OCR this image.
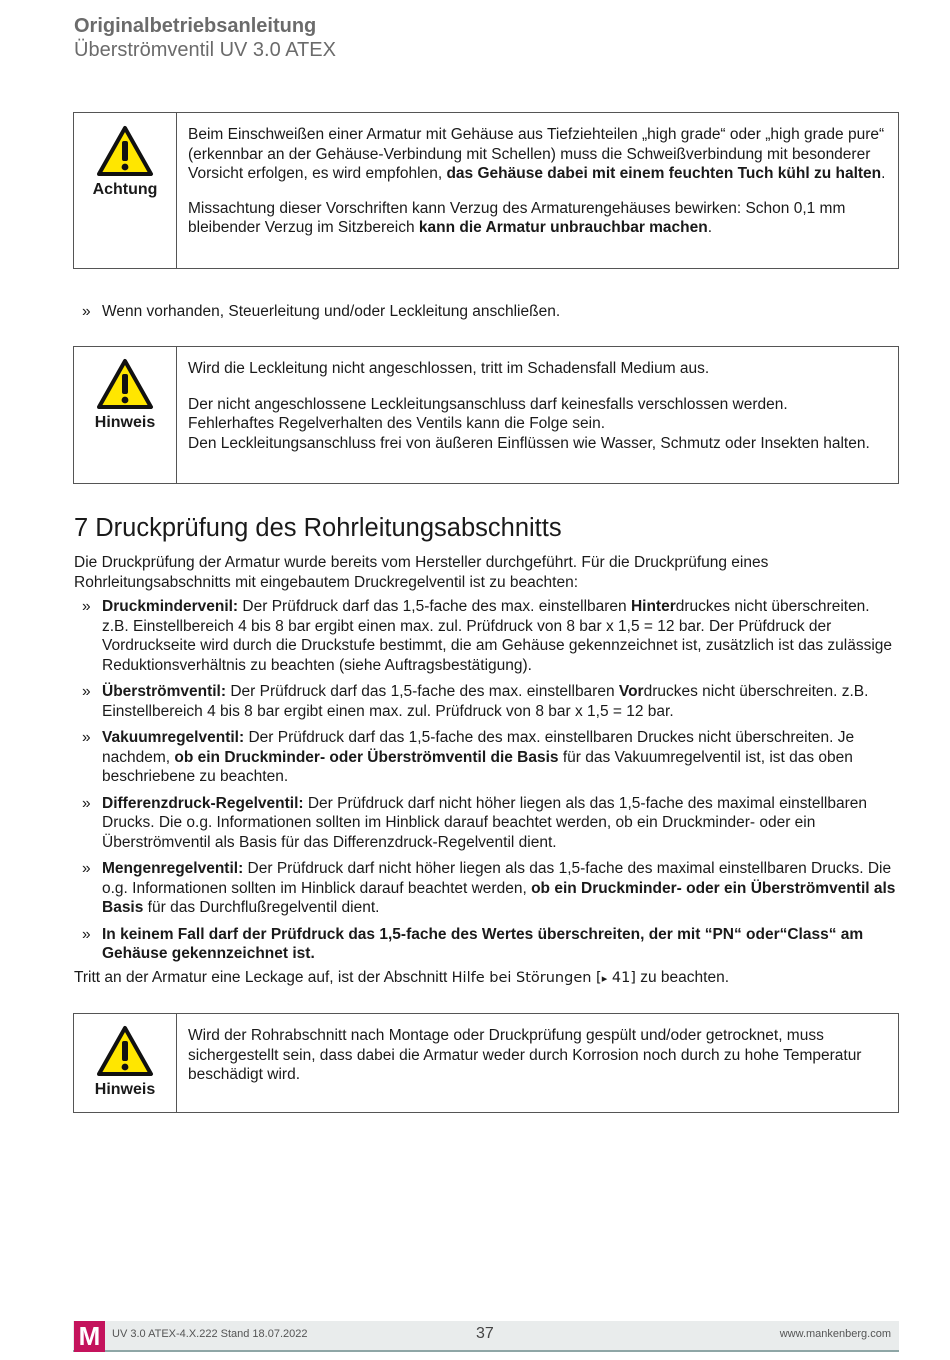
Originalbetriebsanleitung
Überströmventil UV 3.0 ATEX
Achtung

Beim Einschweißen einer Armatur mit Gehäuse aus Tiefziehteilen „high grade“ oder „high grade pure“ (erkennbar an der Gehäuse-Verbindung mit Schellen) muss die Schweißverbindung mit besonderer Vorsicht erfolgen, es wird empfohlen, das Gehäuse dabei mit einem feuchten Tuch kühl zu halten.

Missachtung dieser Vorschriften kann Verzug des Armaturengehäuses bewirken: Schon 0,1 mm bleibender Verzug im Sitzbereich kann die Armatur unbrauchbar machen.

» Wenn vorhanden, Steuerleitung und/oder Leckleitung anschließen.
Hinweis

Wird die Leckleitung nicht angeschlossen, tritt im Schadensfall Medium aus.

Der nicht angeschlossene Leckleitungsanschluss darf keinesfalls verschlossen werden.

Fehlerhaftes Regelverhalten des Ventils kann die Folge sein.

Den Leckleitungsanschluss frei von äußeren Einflüssen wie Wasser, Schmutz oder Insekten halten.

7 Druckprüfung des Rohrleitungsabschnitts
Die Druckprüfung der Armatur wurde bereits vom Hersteller durchgeführt. Für die Druckprüfung eines Rohrleitungsabschnitts mit eingebautem Druckregelventil ist zu beachten:
» Druckmindervenil: Der Prüfdruck darf das 1,5-fache des max. einstellbaren Hinterdruckes nicht überschreiten. z.B. Einstellbereich 4 bis 8 bar ergibt einen max. zul. Prüfdruck von 8 bar x 1,5 = 12 bar. Der Prüfdruck der Vordruckseite wird durch die Druckstufe bestimmt, die am Gehäuse gekennzeichnet ist, zusätzlich ist das zulässige Reduktionsverhältnis zu beachten (siehe Auftragsbestätigung).
» Überströmventil: Der Prüfdruck darf das 1,5-fache des max. einstellbaren Vordruckes nicht überschreiten. z.B. Einstellbereich 4 bis 8 bar ergibt einen max. zul. Prüfdruck von 8 bar x 1,5 = 12 bar.
» Vakuumregelventil: Der Prüfdruck darf das 1,5-fache des max. einstellbaren Druckes nicht überschreiten. Je nachdem, ob ein Druckminder- oder Überströmventil die Basis für das Vakuumregelventil ist, ist das oben beschriebene zu beachten.
» Differenzdruck-Regelventil: Der Prüfdruck darf nicht höher liegen als das 1,5-fache des maximal einstellbaren Drucks. Die o.g. Informationen sollten im Hinblick darauf beachtet werden, ob ein Druckminder- oder ein Überströmventil als Basis für das Differenzdruck-Regelventil dient.
» Mengenregelventil: Der Prüfdruck darf nicht höher liegen als das 1,5-fache des maximal einstellbaren Drucks. Die o.g. Informationen sollten im Hinblick darauf beachtet werden, ob ein Druckminder- oder ein Überströmventil als Basis für das Durchflußregelventil dient.
» In keinem Fall darf der Prüfdruck das 1,5-fache des Wertes überschreiten, der mit “PN“ oder“Class“ am Gehäuse gekennzeichnet ist.
Tritt an der Armatur eine Leckage auf, ist der Abschnitt Hilfe bei Störungen [▸ 41] zu beachten.
Hinweis

Wird der Rohrabschnitt nach Montage oder Druckprüfung gespült und/oder getrocknet, muss sichergestellt sein, dass dabei die Armatur weder durch Korrosion noch durch zu hohe Temperatur beschädigt wird.

M	UV 3.0 ATEX-4.X.222 Stand 18.07.2022	37	www.mankenberg.com
